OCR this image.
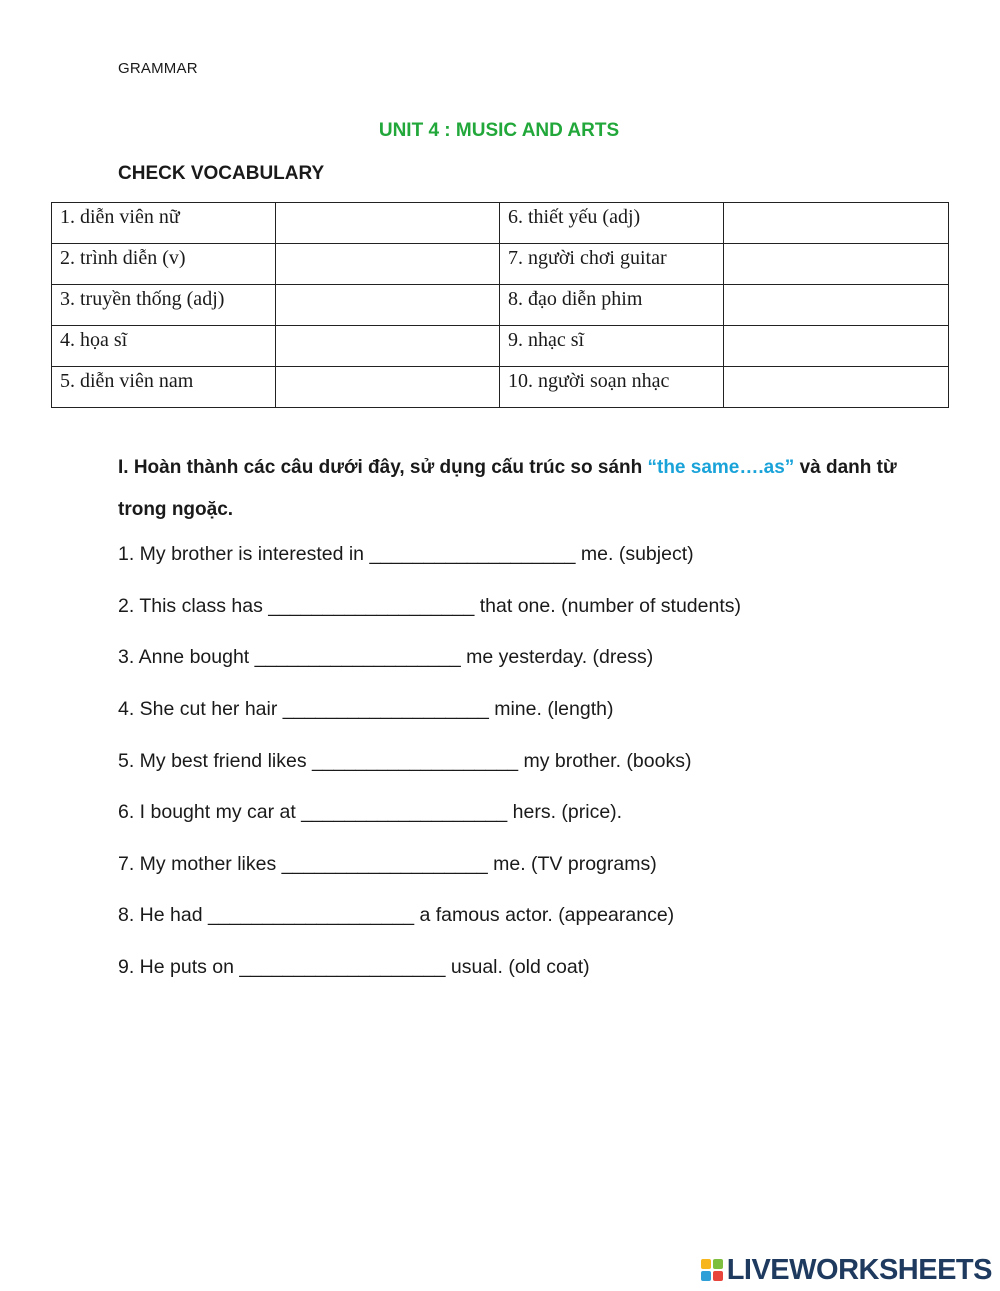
GRAMMAR
UNIT 4 : MUSIC AND ARTS
CHECK VOCABULARY
1. diễn viên nữ		6. thiết yếu (adj)	
2. trình diễn (v)		7. người chơi guitar	
3. truyền thống (adj)		8. đạo diễn phim	
4. họa sĩ		9. nhạc sĩ	
5. diễn viên nam		10. người soạn nhạc	
I. Hoàn thành các câu dưới đây, sử dụng cấu trúc so sánh “the same….as” và danh từ trong ngoặc.
1. My brother is interested in ___________________ me. (subject)
2. This class has ___________________ that one. (number of students)
3. Anne bought ___________________ me yesterday. (dress)
4. She cut her hair ___________________ mine. (length)
5. My best friend likes ___________________ my brother. (books)
6. I bought my car at ___________________ hers. (price).
7. My mother likes ___________________ me. (TV programs)
8. He had ___________________ a famous actor. (appearance)
9. He puts on ___________________ usual. (old coat)
LIVEWORKSHEETS
